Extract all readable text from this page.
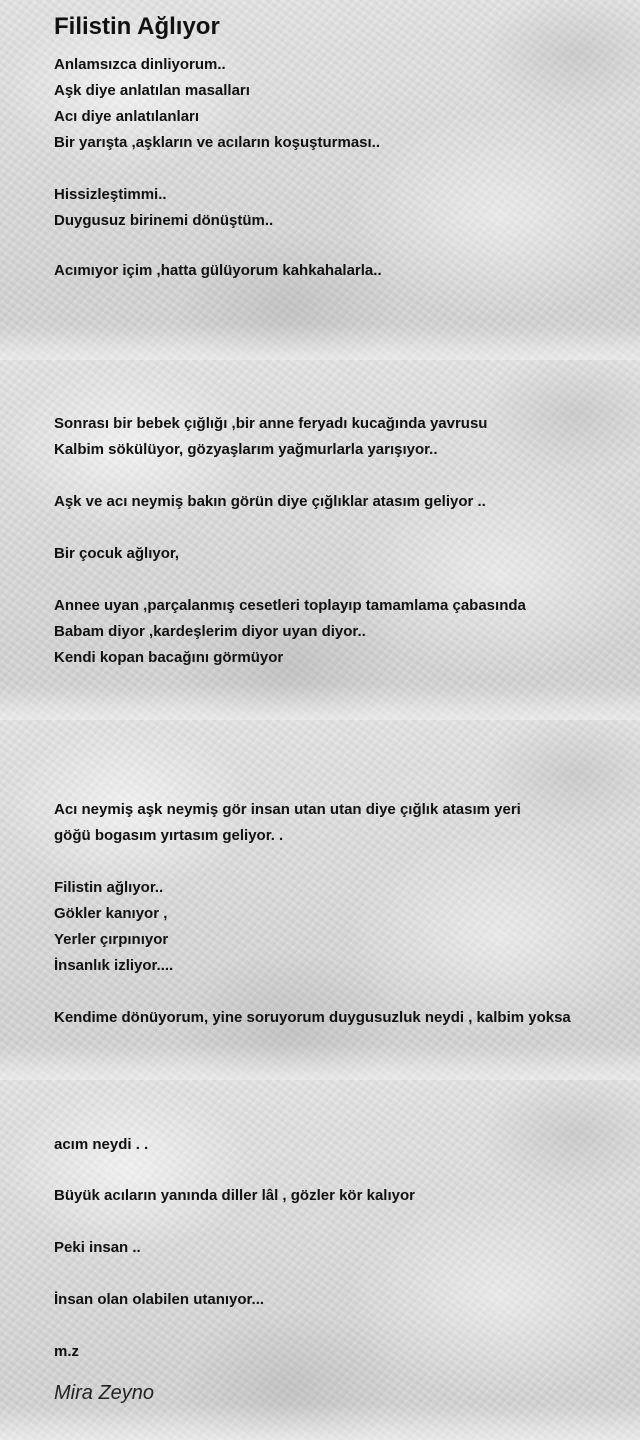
Filistin Ağlıyor
Anlamsızca dinliyorum..
Aşk diye anlatılan masalları
Acı diye anlatılanları
Bir yarışta ,aşkların ve acıların koşuşturması..
Hissizleştimmi..
Duygusuz birinemi dönüştüm..
Acımıyor içim ,hatta gülüyorum kahkahalarla..
Sonrası bir bebek çığlığı ,bir anne feryadı kucağında yavrusu
Kalbim sökülüyor, gözyaşlarım yağmurlarla yarışıyor..
Aşk ve acı neymiş bakın görün diye çığlıklar atasım geliyor ..
Bir çocuk ağlıyor,
Annee uyan ,parçalanmış cesetleri toplayıp tamamlama çabasında
Babam diyor ,kardeşlerim diyor uyan diyor..
Kendi kopan bacağını görmüyor
Acı neymiş aşk neymiş gör insan utan utan diye çığlık atasım yeri
göğü bogasım yırtasım geliyor. .
Filistin ağlıyor..
Gökler kanıyor ,
Yerler çırpınıyor
İnsanlık izliyor....
Kendime dönüyorum, yine soruyorum duygusuzluk neydi , kalbim yoksa
acım neydi . .
Büyük acıların yanında diller lâl , gözler kör kalıyor
Peki insan ..
İnsan olan olabilen utanıyor...
m.z
Mira Zeyno
